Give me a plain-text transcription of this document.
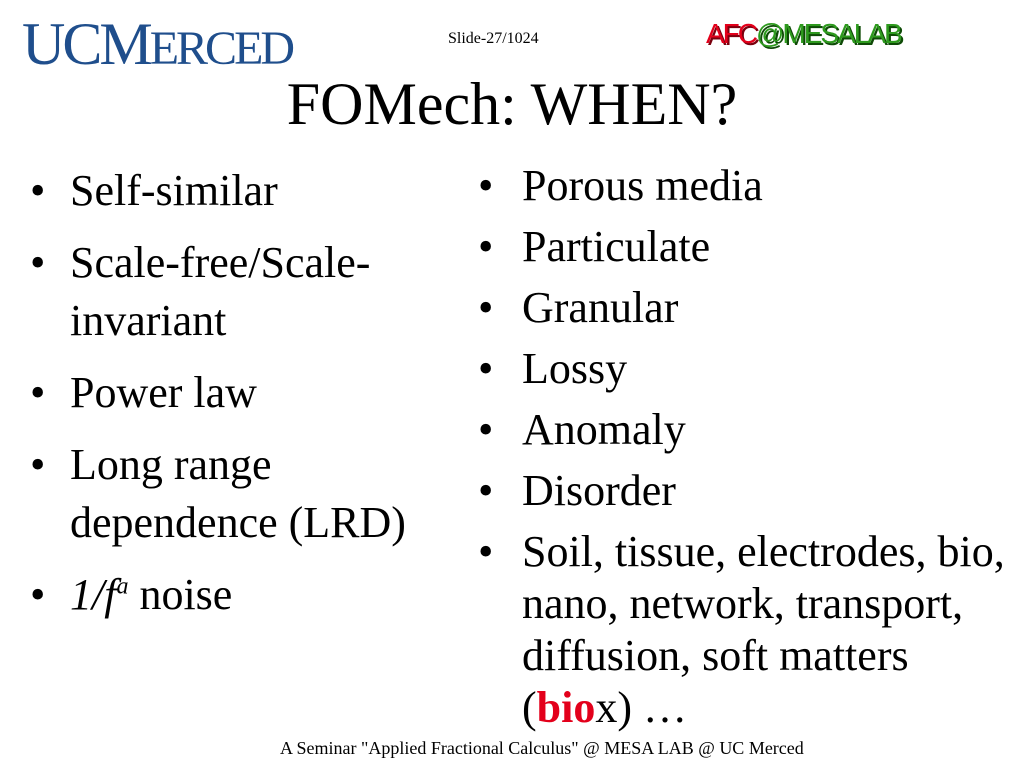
UCMERCED	Slide-27/1024	AFC@MESALAB
FOMech: WHEN?
• Self-similar
• Scale-free/Scale-invariant
• Power law
• Long range dependence (LRD)
• $1/f^a$ noise
• Porous media
• Particulate
• Granular
• Lossy
• Anomaly
• Disorder
• Soil, tissue, electrodes, bio, nano, network, transport, diffusion, soft matters (biox) …
A Seminar "Applied Fractional Calculus" @ MESA LAB @ UC Merced
